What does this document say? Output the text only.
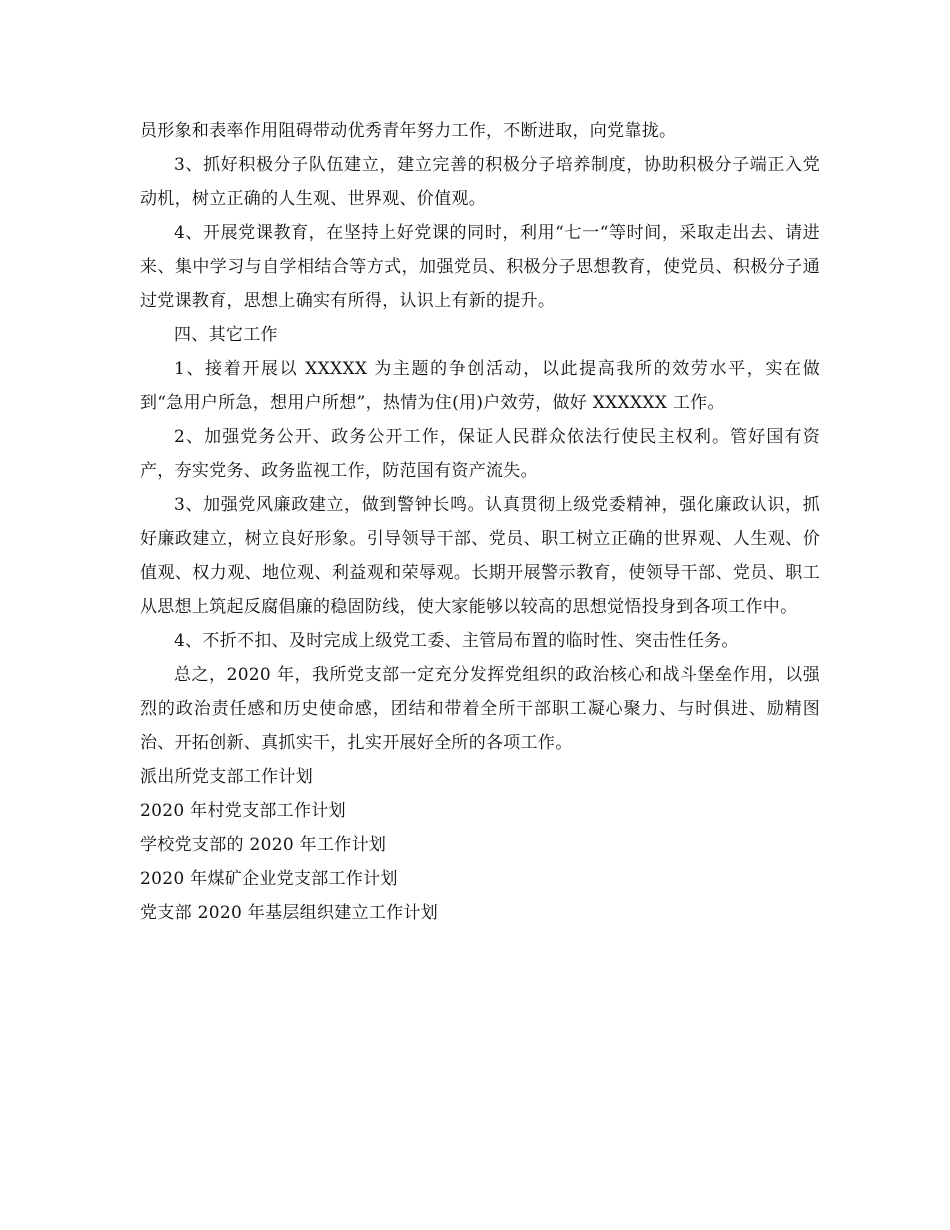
员形象和表率作用阻碍带动优秀青年努力工作，不断进取，向党靠拢。

3、抓好积极分子队伍建立，建立完善的积极分子培养制度，协助积极分子端正入党动机，树立正确的人生观、世界观、价值观。

4、开展党课教育，在坚持上好党课的同时，利用“七一“等时间，采取走出去、请进来、集中学习与自学相结合等方式，加强党员、积极分子思想教育，使党员、积极分子通过党课教育，思想上确实有所得，认识上有新的提升。

四、其它工作

1、接着开展以 XXXXX 为主题的争创活动，以此提高我所的效劳水平，实在做到“急用户所急，想用户所想”，热情为住(用)户效劳，做好 XXXXXX 工作。

2、加强党务公开、政务公开工作，保证人民群众依法行使民主权利。管好国有资产，夯实党务、政务监视工作，防范国有资产流失。

3、加强党风廉政建立，做到警钟长鸣。认真贯彻上级党委精神，强化廉政认识，抓好廉政建立，树立良好形象。引导领导干部、党员、职工树立正确的世界观、人生观、价值观、权力观、地位观、利益观和荣辱观。长期开展警示教育，使领导干部、党员、职工从思想上筑起反腐倡廉的稳固防线，使大家能够以较高的思想觉悟投身到各项工作中。

4、不折不扣、及时完成上级党工委、主管局布置的临时性、突击性任务。

总之，2020 年，我所党支部一定充分发挥党组织的政治核心和战斗堡垒作用，以强烈的政治责任感和历史使命感，团结和带着全所干部职工凝心聚力、与时俱进、励精图治、开拓创新、真抓实干，扎实开展好全所的各项工作。

派出所党支部工作计划
2020 年村党支部工作计划
学校党支部的 2020 年工作计划
2020 年煤矿企业党支部工作计划
党支部 2020 年基层组织建立工作计划
